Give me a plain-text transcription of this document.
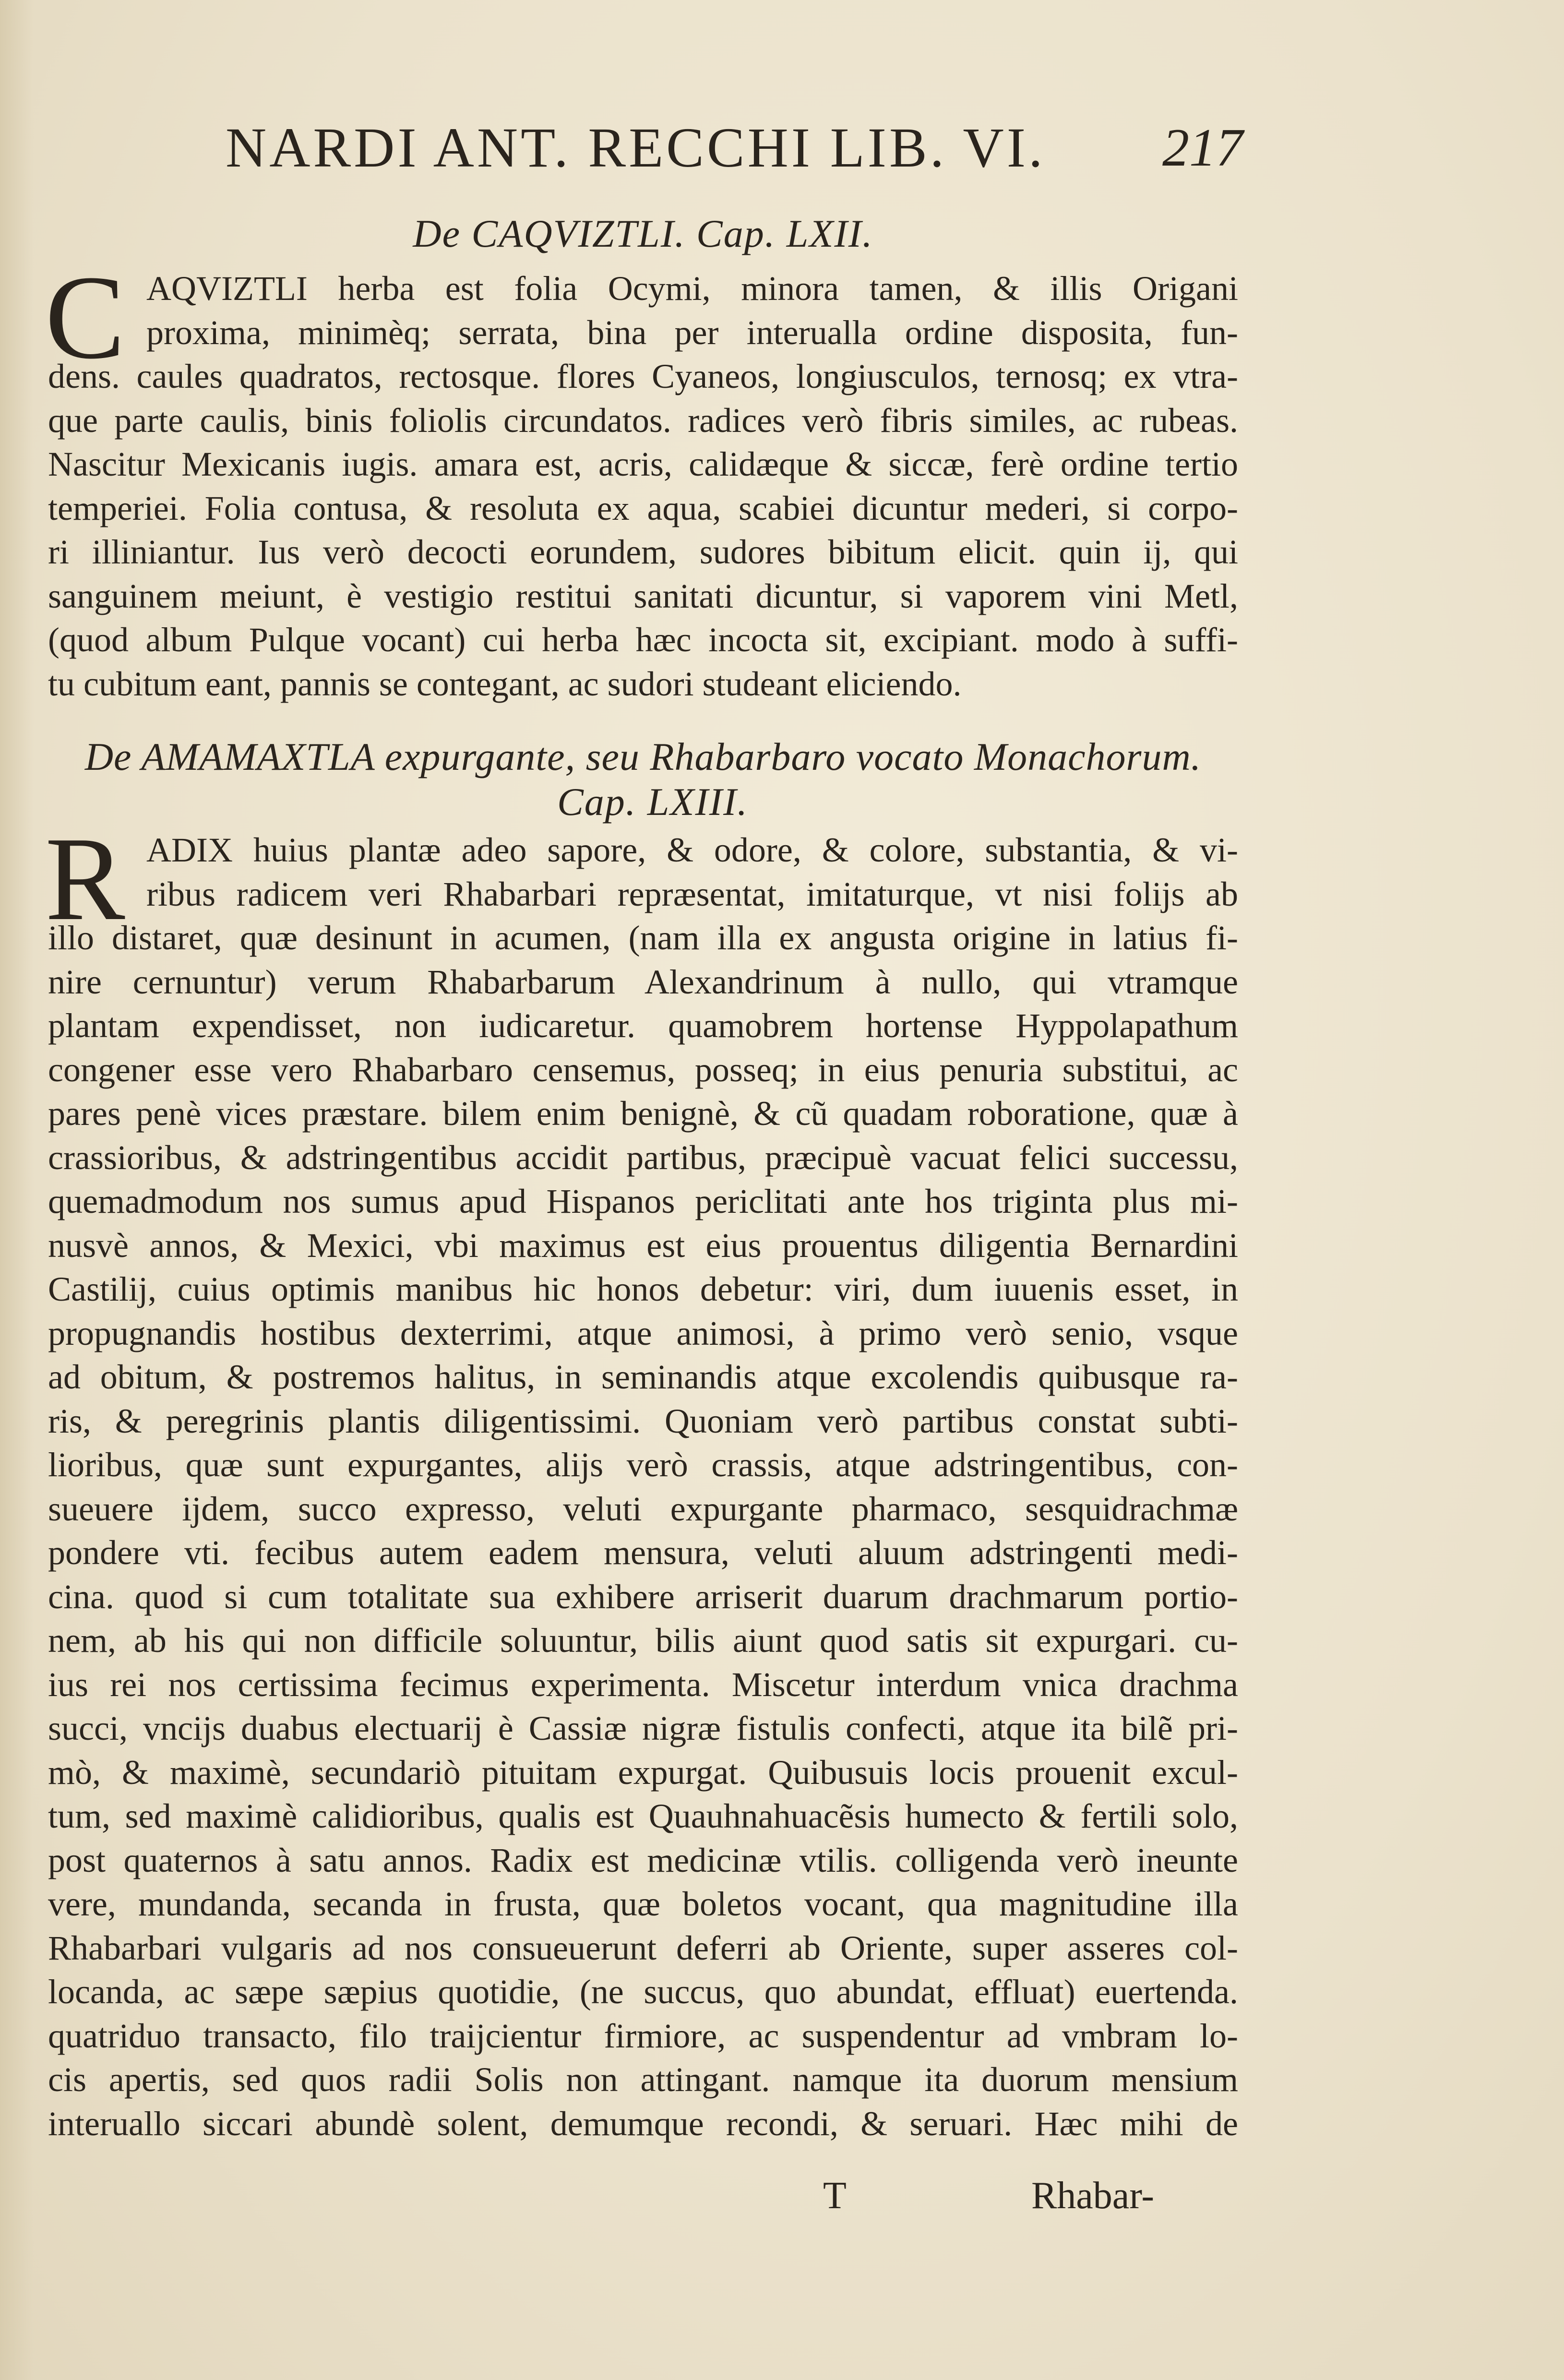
NARDI ANT. RECCHI LIB. VI. 217
De CAQVIZTLI. Cap. LXII.
C AQVIZTLI herba est folia Ocymi, minora tamen, & illis Origani
proxima, minimèq; serrata, bina per interualla ordine disposita, fun-
dens. caules quadratos, rectosque. flores Cyaneos, longiusculos, ternosq; ex vtra-
que parte caulis, binis foliolis circundatos. radices verò fibris similes, ac rubeas.
Nascitur Mexicanis iugis. amara est, acris, calidæque & siccæ, ferè ordine tertio
temperiei. Folia contusa, & resoluta ex aqua, scabiei dicuntur mederi, si corpo-
ri illiniantur. Ius verò decocti eorundem, sudores bibitum elicit. quin ij, qui
sanguinem meiunt, è vestigio restitui sanitati dicuntur, si vaporem vini Metl,
(quod album Pulque vocant) cui herba hæc incocta sit, excipiant. modo à suffi-
tu cubitum eant, pannis se contegant, ac sudori studeant eliciendo.
De AMAMAXTLA expurgante, seu Rhabarbaro vocato Monachorum.
Cap. LXIII.
R ADIX huius plantæ adeo sapore, & odore, & colore, substantia, & vi-
ribus radicem veri Rhabarbari repræsentat, imitaturque, vt nisi folijs ab
illo distaret, quæ desinunt in acumen, (nam illa ex angusta origine in latius fi-
nire cernuntur) verum Rhabarbarum Alexandrinum à nullo, qui vtramque
plantam expendisset, non iudicaretur. quamobrem hortense Hyppolapathum
congener esse vero Rhabarbaro censemus, posseq; in eius penuria substitui, ac
pares penè vices præstare. bilem enim benignè, & cũ quadam roboratione, quæ à
crassioribus, & adstringentibus accidit partibus, præcipuè vacuat felici successu,
quemadmodum nos sumus apud Hispanos periclitati ante hos triginta plus mi-
nusvè annos, & Mexici, vbi maximus est eius prouentus diligentia Bernardini
Castilij, cuius optimis manibus hic honos debetur: viri, dum iuuenis esset, in
propugnandis hostibus dexterrimi, atque animosi, à primo verò senio, vsque
ad obitum, & postremos halitus, in seminandis atque excolendis quibusque ra-
ris, & peregrinis plantis diligentissimi. Quoniam verò partibus constat subti-
lioribus, quæ sunt expurgantes, alijs verò crassis, atque adstringentibus, con-
sueuere ijdem, succo expresso, veluti expurgante pharmaco, sesquidrachmæ
pondere vti. fecibus autem eadem mensura, veluti aluum adstringenti medi-
cina. quod si cum totalitate sua exhibere arriserit duarum drachmarum portio-
nem, ab his qui non difficile soluuntur, bilis aiunt quod satis sit expurgari. cu-
ius rei nos certissima fecimus experimenta. Miscetur interdum vnica drachma
succi, vncijs duabus electuarij è Cassiæ nigræ fistulis confecti, atque ita bilẽ pri-
mò, & maximè, secundariò pituitam expurgat. Quibusuis locis prouenit excul-
tum, sed maximè calidioribus, qualis est Quauhnahuacẽsis humecto & fertili solo,
post quaternos à satu annos. Radix est medicinæ vtilis. colligenda verò ineunte
vere, mundanda, secanda in frusta, quæ boletos vocant, qua magnitudine illa
Rhabarbari vulgaris ad nos consueuerunt deferri ab Oriente, super asseres col-
locanda, ac sæpe sæpius quotidie, (ne succus, quo abundat, effluat) euertenda.
quatriduo transacto, filo traijcientur firmiore, ac suspendentur ad vmbram lo-
cis apertis, sed quos radii Solis non attingant. namque ita duorum mensium
interuallo siccari abundè solent, demumque recondi, & seruari. Hæc mihi de
T	Rhabar-
